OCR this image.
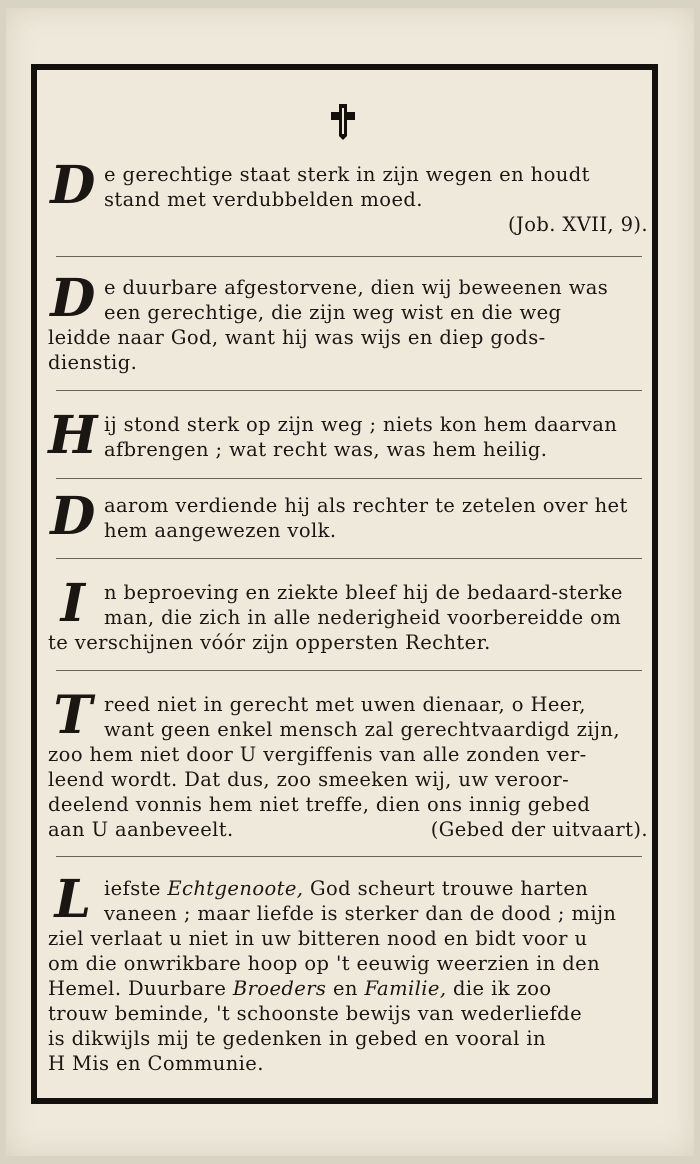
D e gerechtige staat sterk in zijn wegen en houdt
stand met verdubbelden moed.
(Job. XVII, 9).
D e duurbare afgestorvene, dien wij beweenen was
een gerechtige, die zijn weg wist en die weg
leidde naar God, want hij was wijs en diep gods-
dienstig.
H ij stond sterk op zijn weg ; niets kon hem daarvan
afbrengen ; wat recht was, was hem heilig.
D aarom verdiende hij als rechter te zetelen over het
hem aangewezen volk.
I n beproeving en ziekte bleef hij de bedaard-sterke
man, die zich in alle nederigheid voorbereidde om
te verschijnen vóór zijn oppersten Rechter.
T reed niet in gerecht met uwen dienaar, o Heer,
want geen enkel mensch zal gerechtvaardigd zijn,
zoo hem niet door U vergiffenis van alle zonden ver-
leend wordt. Dat dus, zoo smeeken wij, uw veroor-
deelend vonnis hem niet treffe, dien ons innig gebed
aan U aanbeveelt.	(Gebed der uitvaart).
L iefste Echtgenoote, God scheurt trouwe harten
vaneen ; maar liefde is sterker dan de dood ; mijn
ziel verlaat u niet in uw bitteren nood en bidt voor u
om die onwrikbare hoop op 't eeuwig weerzien in den
Hemel. Duurbare Broeders en Familie, die ik zoo
trouw beminde, 't schoonste bewijs van wederliefde
is dikwijls mij te gedenken in gebed en vooral in
H Mis en Communie.
